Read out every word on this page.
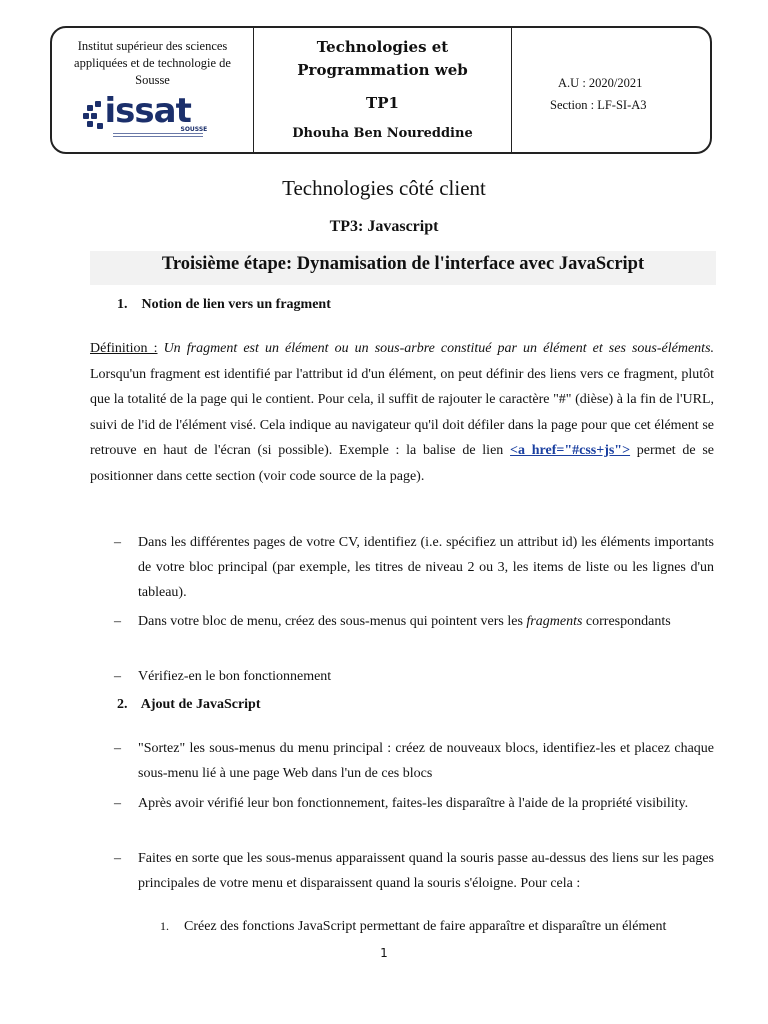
Institut supérieur des sciences appliquées et de technologie de Sousse
issat
SOUSSE
Technologies et Programmation web
TP1
Dhouha Ben Noureddine
A.U : 2020/2021
Section : LF-SI-A3
Technologies côté client
TP3: Javascript
Troisième étape: Dynamisation de l'interface avec JavaScript
1. Notion de lien vers un fragment
Définition : Un fragment est un élément ou un sous-arbre constitué par un élément et ses sous-éléments. Lorsqu'un fragment est identifié par l'attribut id d'un élément, on peut définir des liens vers ce fragment, plutôt que la totalité de la page qui le contient. Pour cela, il suffit de rajouter le caractère "#" (dièse) à la fin de l'URL, suivi de l'id de l'élément visé. Cela indique au navigateur qu'il doit défiler dans la page pour que cet élément se retrouve en haut de l'écran (si possible). Exemple : la balise de lien <a href="#css+js"> permet de se positionner dans cette section (voir code source de la page).
–	Dans les différentes pages de votre CV, identifiez (i.e. spécifiez un attribut id) les éléments importants de votre bloc principal (par exemple, les titres de niveau 2 ou 3, les items de liste ou les lignes d'un tableau).
–	Dans votre bloc de menu, créez des sous-menus qui pointent vers les fragments correspondants
–	Vérifiez-en le bon fonctionnement
2. Ajout de JavaScript
–	"Sortez" les sous-menus du menu principal : créez de nouveaux blocs, identifiez-les et placez chaque sous-menu lié à une page Web dans l'un de ces blocs
–	Après avoir vérifié leur bon fonctionnement, faites-les disparaître à l'aide de la propriété visibility.
–	Faites en sorte que les sous-menus apparaissent quand la souris passe au-dessus des liens sur les pages principales de votre menu et disparaissent quand la souris s'éloigne. Pour cela :
1. Créez des fonctions JavaScript permettant de faire apparaître et disparaître un élément
1
